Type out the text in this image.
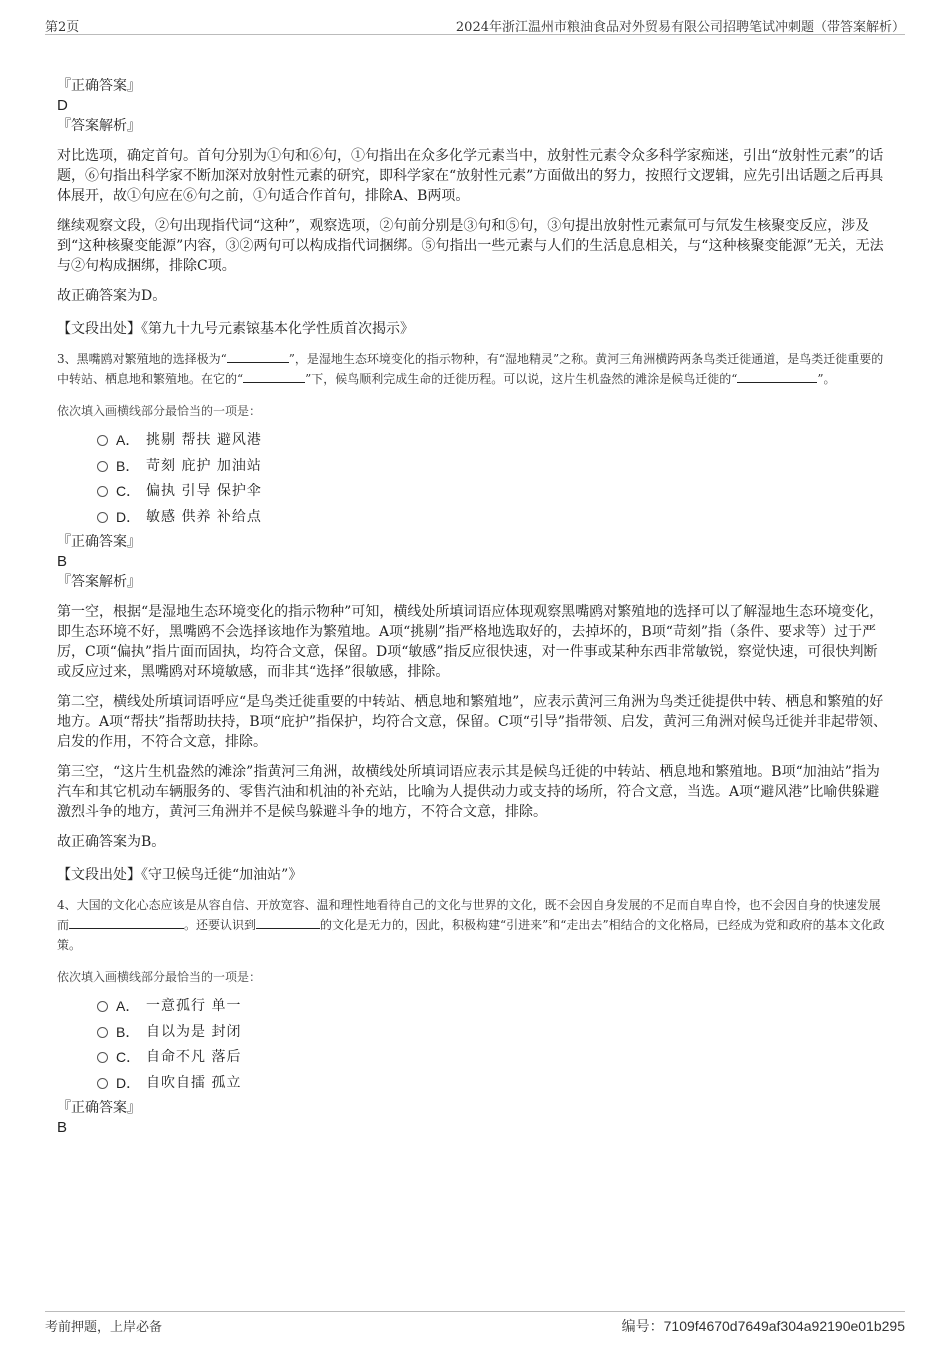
第2页	2024年浙江温州市粮油食品对外贸易有限公司招聘笔试冲刺题（带答案解析）

『正确答案』

D

『答案解析』

对比选项，确定首句。首句分别为①句和⑥句，①句指出在众多化学元素当中，放射性元素令众多科学家痴迷，引出“放射性元素”的话题，⑥句指出科学家不断加深对放射性元素的研究，即科学家在“放射性元素”方面做出的努力，按照行文逻辑，应先引出话题之后再具体展开，故①句应在⑥句之前，①句适合作首句，排除A、B两项。

继续观察文段，②句出现指代词“这种”，观察选项，②句前分别是③句和⑤句，③句提出放射性元素氚可与氘发生核聚变反应，涉及到“这种核聚变能源”内容，③②两句可以构成指代词捆绑。⑤句指出一些元素与人们的生活息息相关，与“这种核聚变能源”无关，无法与②句构成捆绑，排除C项。

故正确答案为D。

【文段出处】《第九十九号元素锿基本化学性质首次揭示》

3、黑嘴鸥对繁殖地的选择极为“	”，是湿地生态环境变化的指示物种，有“湿地精灵”之称。黄河三角洲横跨两条鸟类迁徙通道，是鸟类迁徙重要的中转站、栖息地和繁殖地。在它的“	”下，候鸟顺利完成生命的迁徙历程。可以说，这片生机盎然的滩涂是候鸟迁徙的“	”。

依次填入画横线部分最恰当的一项是：

A． 挑剔 帮扶 避风港
B． 苛刻 庇护 加油站
C． 偏执 引导 保护伞
D． 敏感 供养 补给点

『正确答案』

B

『答案解析』

第一空，根据“是湿地生态环境变化的指示物种”可知，横线处所填词语应体现观察黑嘴鸥对繁殖地的选择可以了解湿地生态环境变化，即生态环境不好，黑嘴鸥不会选择该地作为繁殖地。A项“挑剔”指严格地选取好的，去掉坏的，B项“苛刻”指（条件、要求等）过于严厉，C项“偏执”指片面而固执，均符合文意，保留。D项“敏感”指反应很快速，对一件事或某种东西非常敏锐，察觉快速，可很快判断或反应过来，黑嘴鸥对环境敏感，而非其“选择”很敏感，排除。

第二空，横线处所填词语呼应“是鸟类迁徙重要的中转站、栖息地和繁殖地”，应表示黄河三角洲为鸟类迁徙提供中转、栖息和繁殖的好地方。A项“帮扶”指帮助扶持，B项“庇护”指保护，均符合文意，保留。C项“引导”指带领、启发，黄河三角洲对候鸟迁徙并非起带领、启发的作用，不符合文意，排除。

第三空，“这片生机盎然的滩涂”指黄河三角洲，故横线处所填词语应表示其是候鸟迁徙的中转站、栖息地和繁殖地。B项“加油站”指为汽车和其它机动车辆服务的、零售汽油和机油的补充站，比喻为人提供动力或支持的场所，符合文意，当选。A项“避风港”比喻供躲避激烈斗争的地方，黄河三角洲并不是候鸟躲避斗争的地方，不符合文意，排除。

故正确答案为B。

【文段出处】《守卫候鸟迁徙“加油站”》

4、大国的文化心态应该是从容自信、开放宽容、温和理性地看待自己的文化与世界的文化，既不会因自身发展的不足而自卑自怜，也不会因自身的快速发展而	。还要认识到	的文化是无力的，因此，积极构建“引进来”和“走出去”相结合的文化格局，已经成为党和政府的基本文化政策。

依次填入画横线部分最恰当的一项是：

A． 一意孤行 单一
B． 自以为是 封闭
C． 自命不凡 落后
D． 自吹自擂 孤立

『正确答案』

B

考前押题，上岸必备	编号：7109f4670d7649af304a92190e01b295
